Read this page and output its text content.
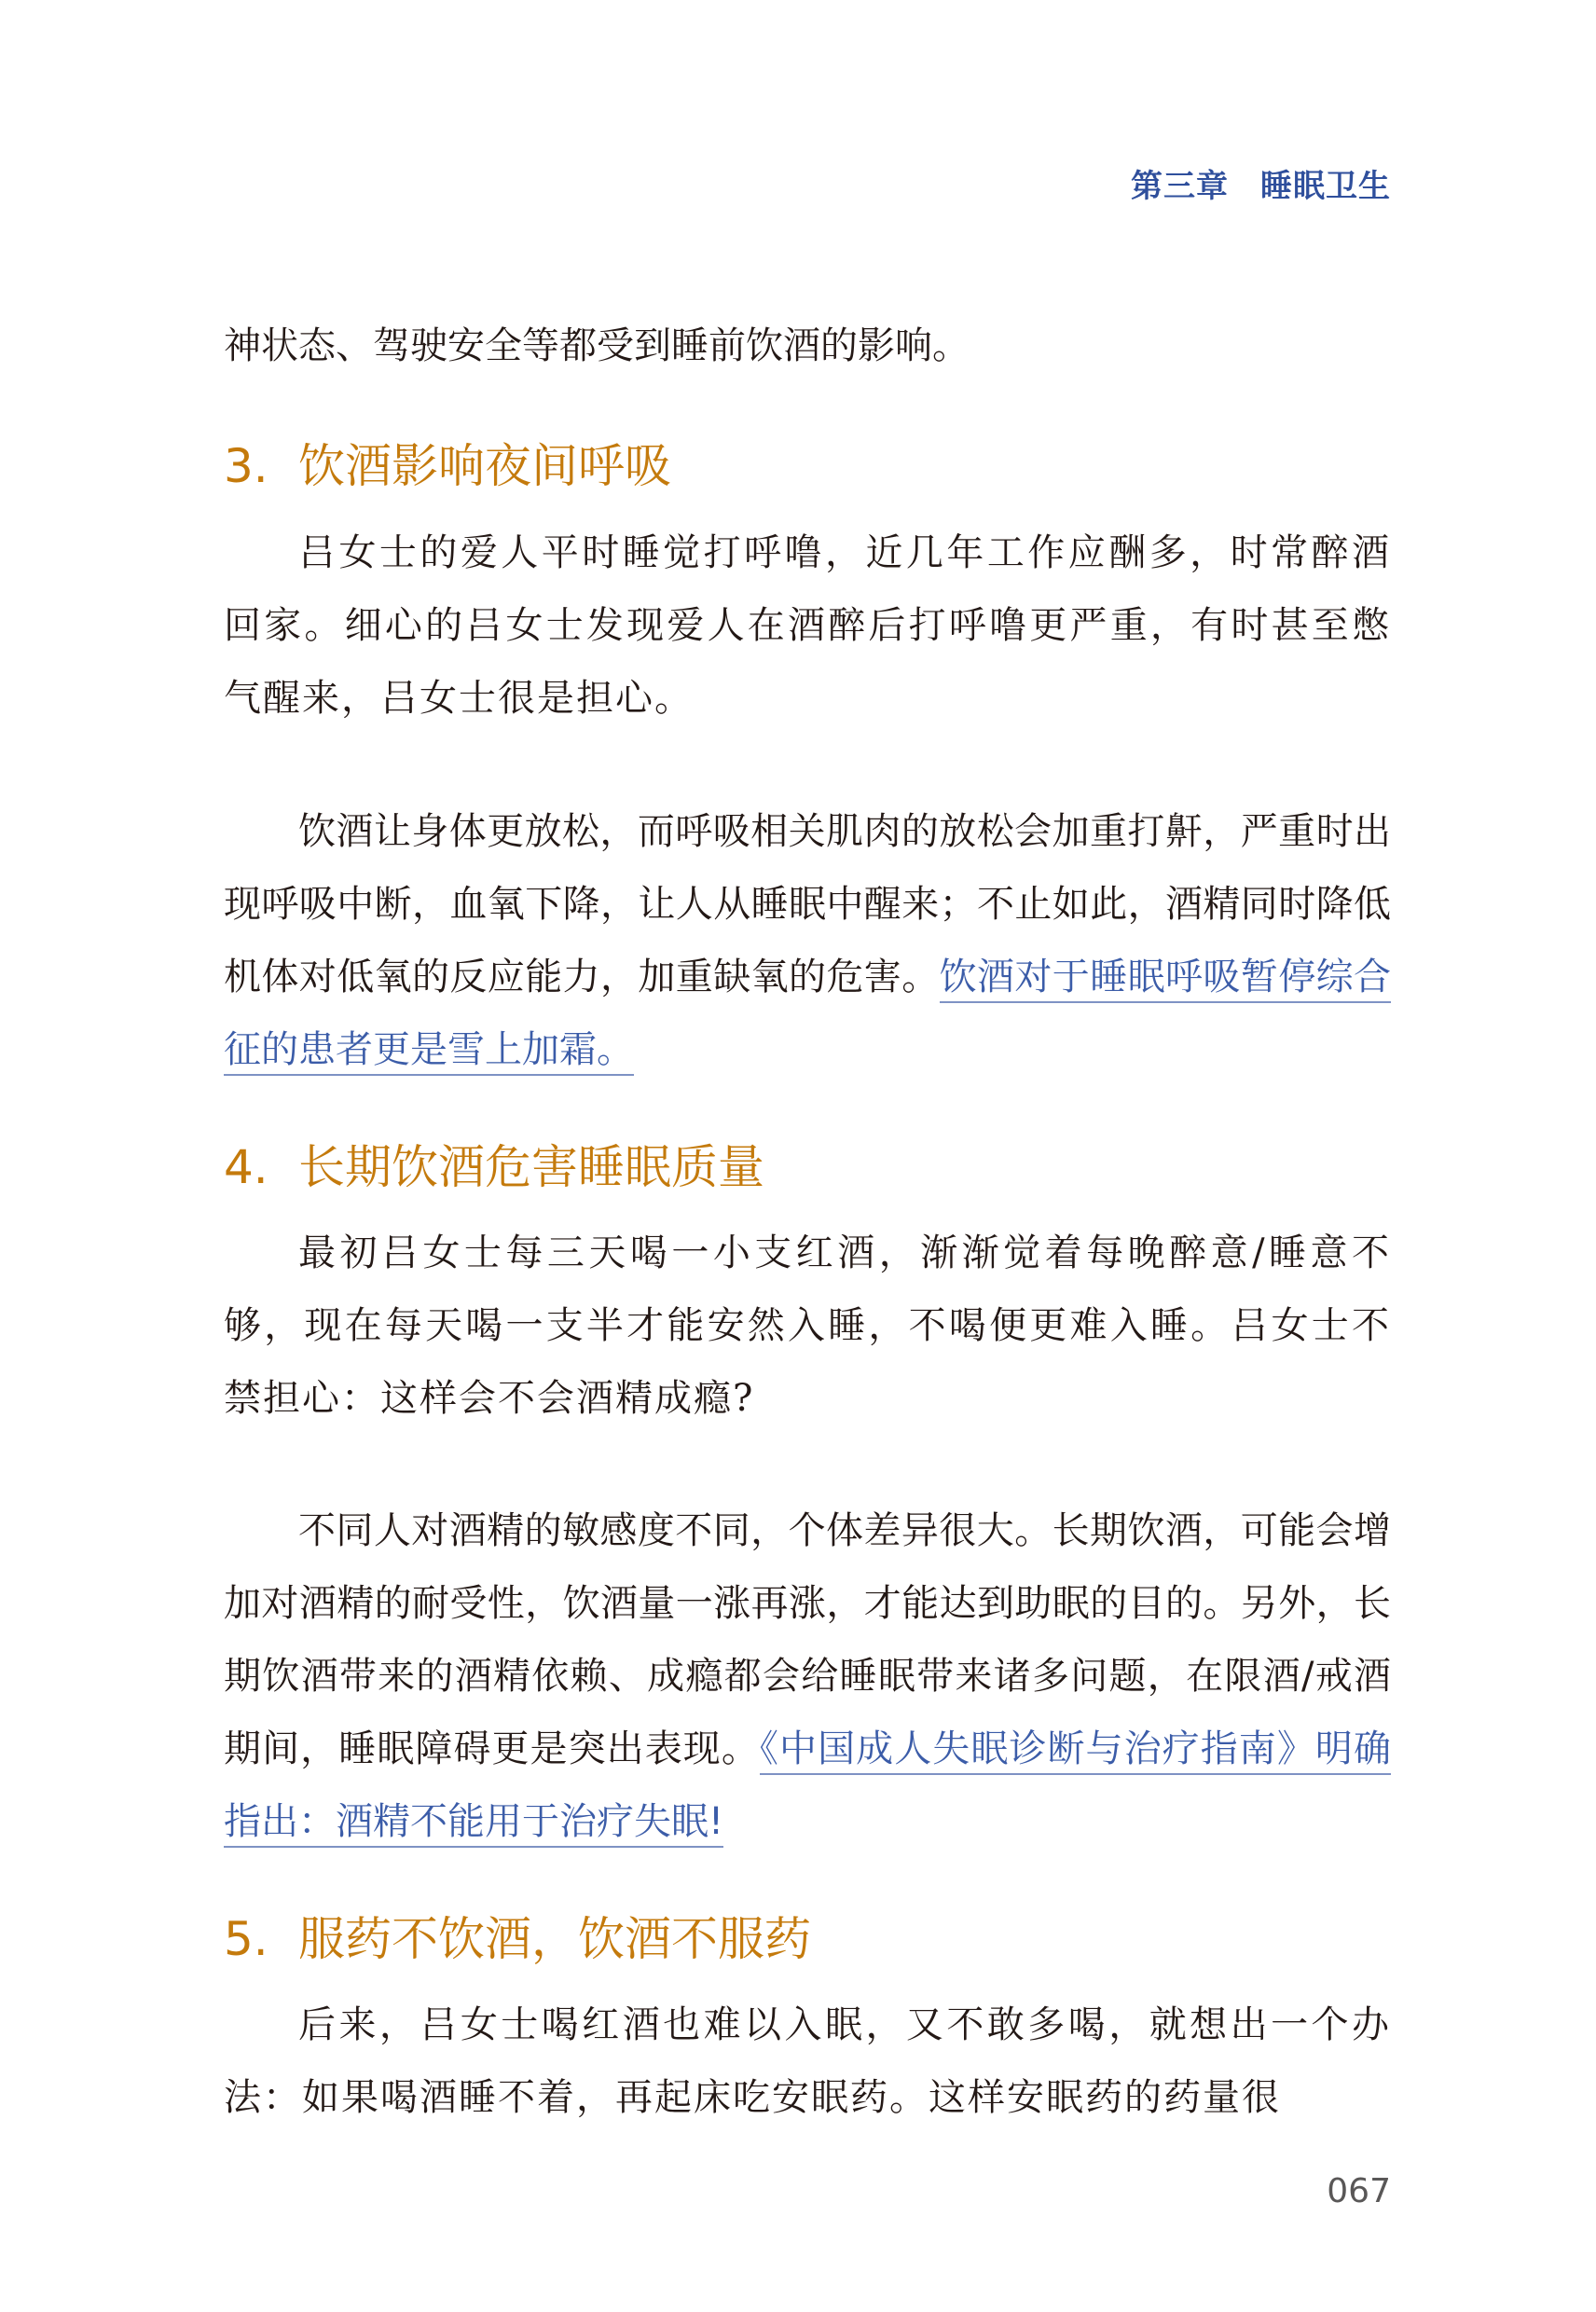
第三章 睡眠卫生

神状态、驾驶安全等都受到睡前饮酒的影响。

3. 饮酒影响夜间呼吸

吕女士的爱人平时睡觉打呼噜，近几年工作应酬多，时常醉酒回家。细心的吕女士发现爱人在酒醉后打呼噜更严重，有时甚至憋气醒来，吕女士很是担心。

饮酒让身体更放松，而呼吸相关肌肉的放松会加重打鼾，严重时出现呼吸中断，血氧下降，让人从睡眠中醒来；不止如此，酒精同时降低机体对低氧的反应能力，加重缺氧的危害。饮酒对于睡眠呼吸暂停综合征的患者更是雪上加霜。

4. 长期饮酒危害睡眠质量

最初吕女士每三天喝一小支红酒，渐渐觉着每晚醉意/睡意不够，现在每天喝一支半才能安然入睡，不喝便更难入睡。吕女士不禁担心：这样会不会酒精成瘾?

不同人对酒精的敏感度不同，个体差异很大。长期饮酒，可能会增加对酒精的耐受性，饮酒量一涨再涨，才能达到助眠的目的。另外，长期饮酒带来的酒精依赖、成瘾都会给睡眠带来诸多问题，在限酒/戒酒期间，睡眠障碍更是突出表现。《中国成人失眠诊断与治疗指南》明确指出：酒精不能用于治疗失眠!

5. 服药不饮酒，饮酒不服药

后来，吕女士喝红酒也难以入眠，又不敢多喝，就想出一个办法：如果喝酒睡不着，再起床吃安眠药。这样安眠药的药量很

067
